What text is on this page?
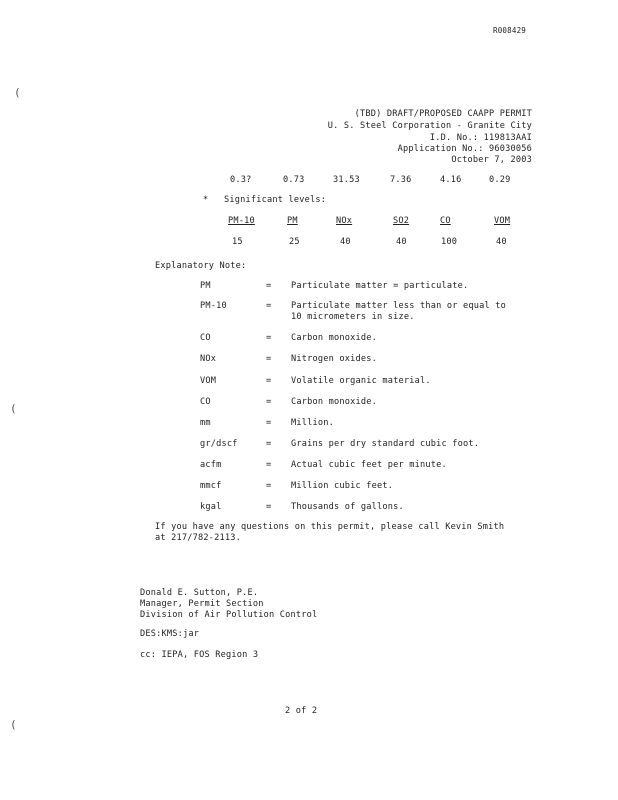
R008429
(
(
(
(TBD) DRAFT/PROPOSED CAAPP PERMIT
U. S. Steel Corporation - Granite City
I.D. No.: 119813AAI
Application No.: 96030056
October 7, 2003
0.3?	0.73	31.53	7.36	4.16	0.29
* Significant levels:
PM-10	PM	NOx	SO2	CO	VOM
15	25	40	40	100	40
Explanatory Note:
PM	= Particulate matter = particulate.
PM-10	= Particulate matter less than or equal to
10 micrometers in size.
CO	= Carbon monoxide.
NOx	= Nitrogen oxides.
VOM	= Volatile organic material.
CO	= Carbon monoxide.
mm	= Million.
gr/dscf	= Grains per dry standard cubic foot.
acfm	= Actual cubic feet per minute.
mmcf	= Million cubic feet.
kgal	= Thousands of gallons.
If you have any questions on this permit, please call Kevin Smith
at 217/782-2113.
Donald E. Sutton, P.E.
Manager, Permit Section
Division of Air Pollution Control
DES:KMS:jar
cc: IEPA, FOS Region 3
2 of 2
